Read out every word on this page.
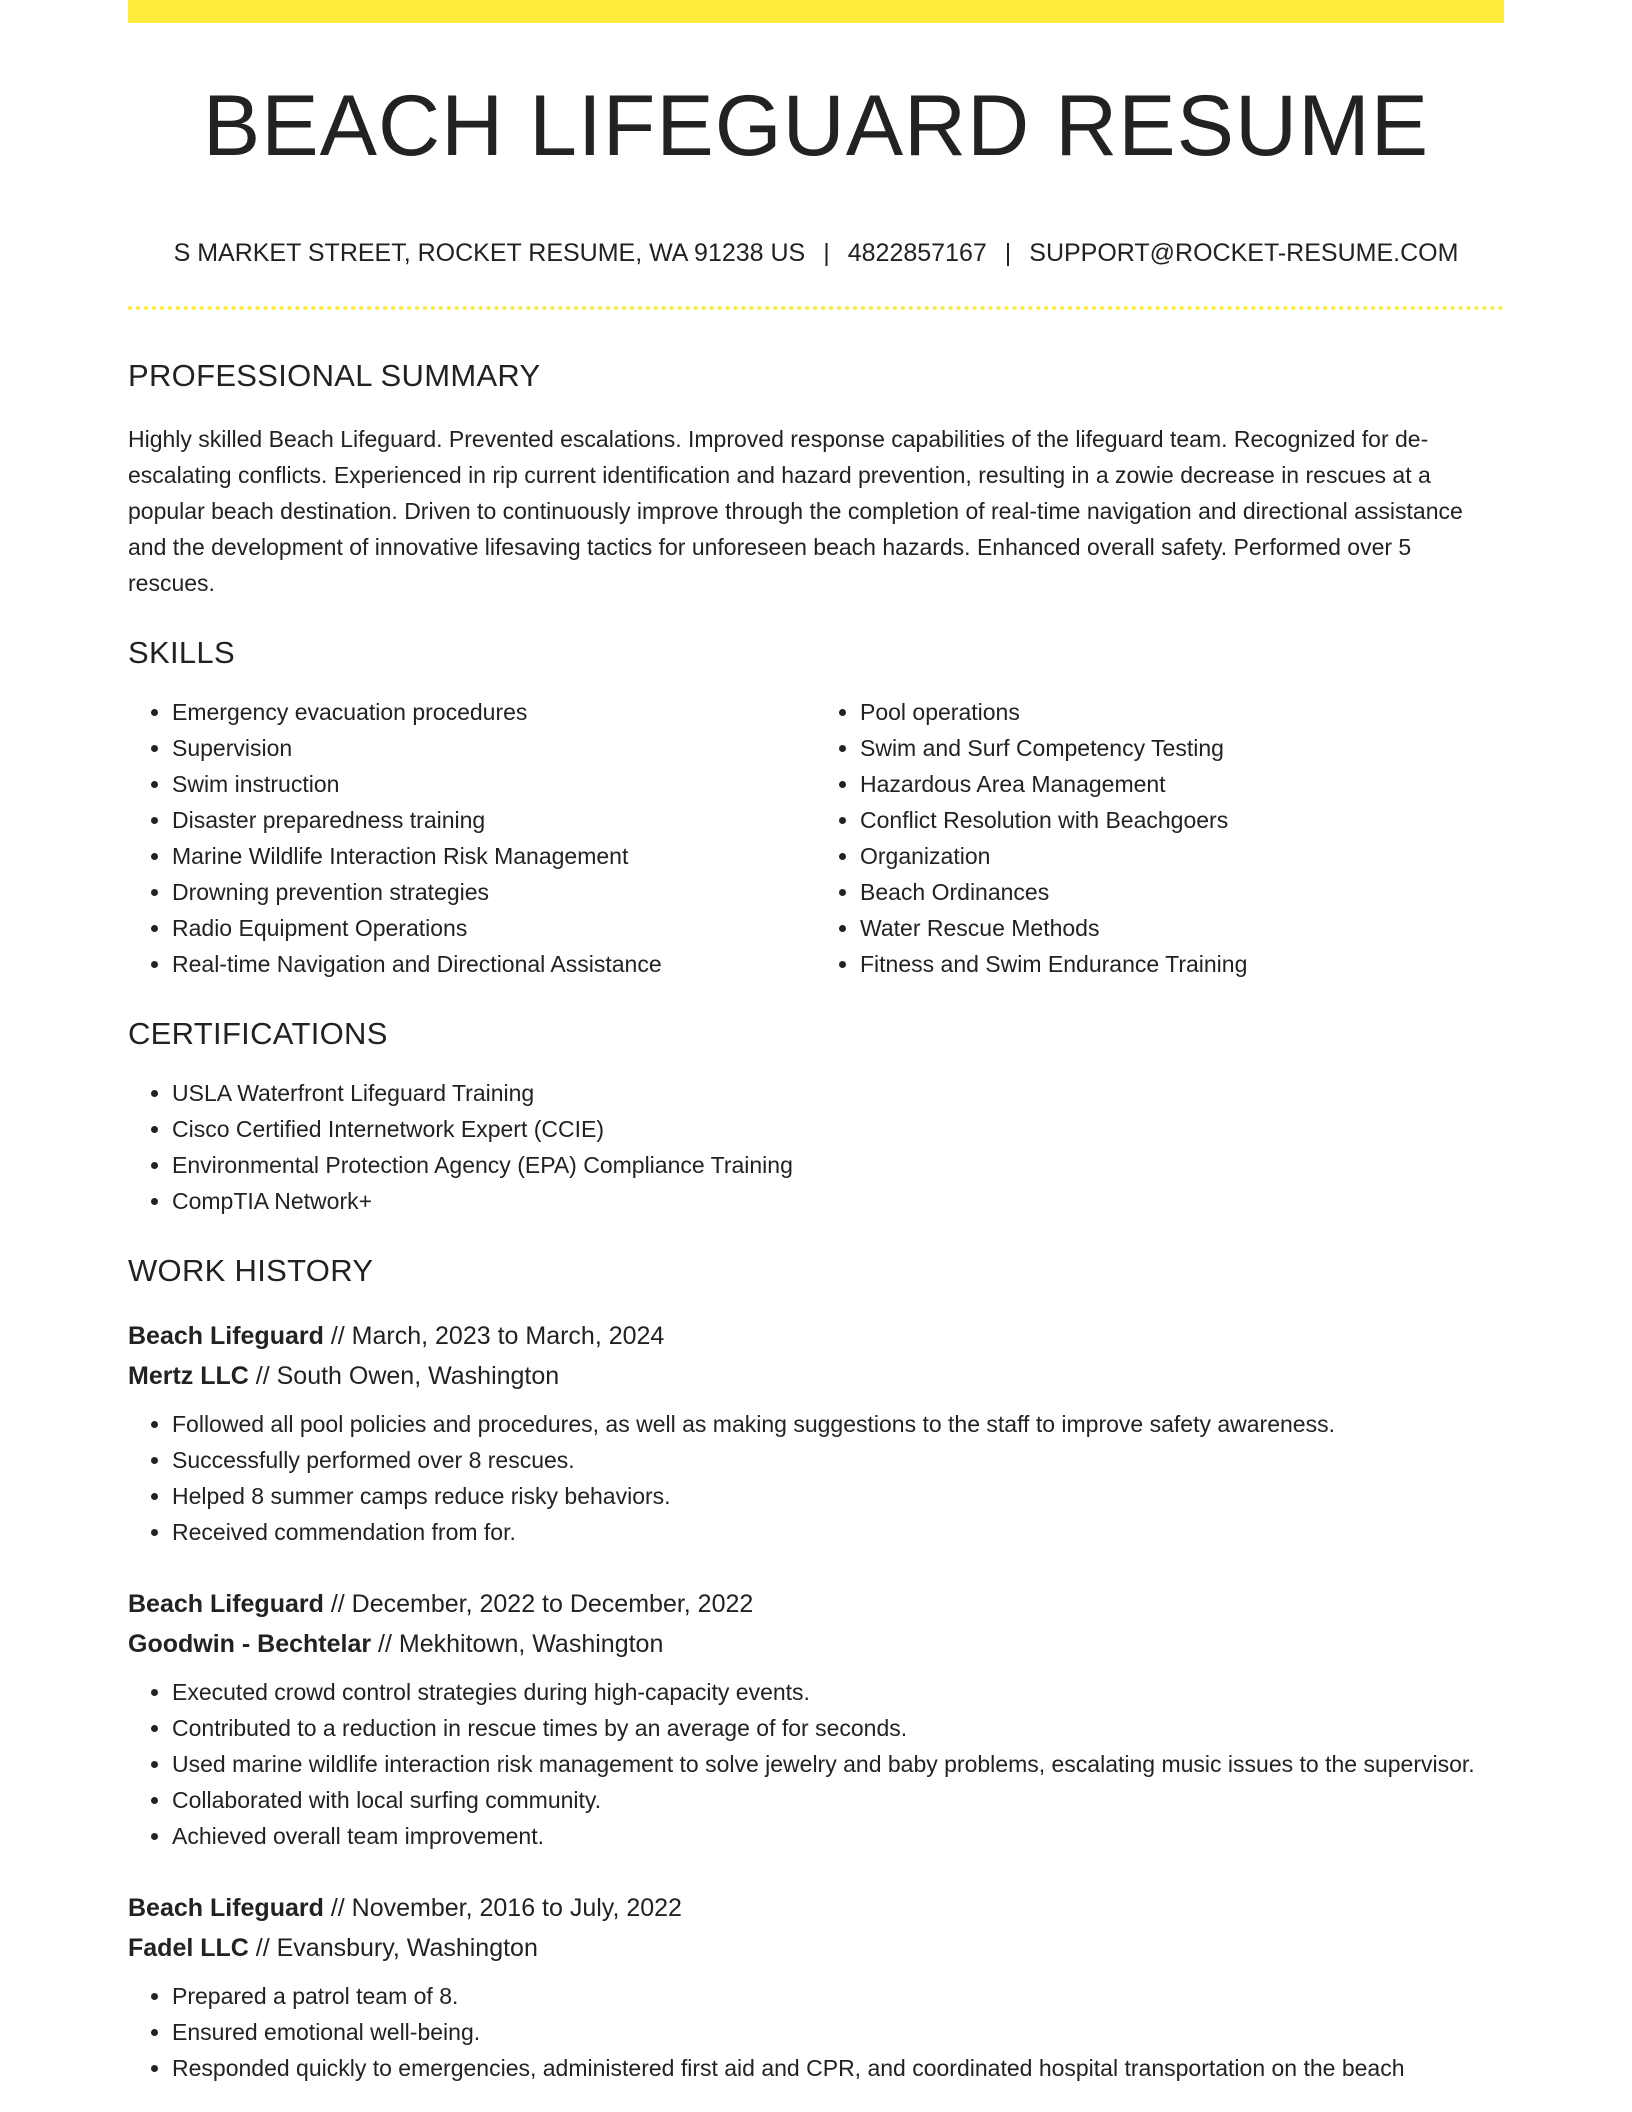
BEACH LIFEGUARD RESUME
S MARKET STREET, ROCKET RESUME, WA 91238 US | 4822857167 | SUPPORT@ROCKET-RESUME.COM
PROFESSIONAL SUMMARY
Highly skilled Beach Lifeguard. Prevented escalations. Improved response capabilities of the lifeguard team. Recognized for de-escalating conflicts. Experienced in rip current identification and hazard prevention, resulting in a zowie decrease in rescues at a popular beach destination. Driven to continuously improve through the completion of real-time navigation and directional assistance and the development of innovative lifesaving tactics for unforeseen beach hazards. Enhanced overall safety. Performed over 5 rescues.
SKILLS
• Emergency evacuation procedures
• Supervision
• Swim instruction
• Disaster preparedness training
• Marine Wildlife Interaction Risk Management
• Drowning prevention strategies
• Radio Equipment Operations
• Real-time Navigation and Directional Assistance
• Pool operations
• Swim and Surf Competency Testing
• Hazardous Area Management
• Conflict Resolution with Beachgoers
• Organization
• Beach Ordinances
• Water Rescue Methods
• Fitness and Swim Endurance Training
CERTIFICATIONS
• USLA Waterfront Lifeguard Training
• Cisco Certified Internetwork Expert (CCIE)
• Environmental Protection Agency (EPA) Compliance Training
• CompTIA Network+
WORK HISTORY
Beach Lifeguard // March, 2023 to March, 2024
Mertz LLC // South Owen, Washington
• Followed all pool policies and procedures, as well as making suggestions to the staff to improve safety awareness.
• Successfully performed over 8 rescues.
• Helped 8 summer camps reduce risky behaviors.
• Received commendation from for.
Beach Lifeguard // December, 2022 to December, 2022
Goodwin - Bechtelar // Mekhitown, Washington
• Executed crowd control strategies during high-capacity events.
• Contributed to a reduction in rescue times by an average of for seconds.
• Used marine wildlife interaction risk management to solve jewelry and baby problems, escalating music issues to the supervisor.
• Collaborated with local surfing community.
• Achieved overall team improvement.
Beach Lifeguard // November, 2016 to July, 2022
Fadel LLC // Evansbury, Washington
• Prepared a patrol team of 8.
• Ensured emotional well-being.
• Responded quickly to emergencies, administered first aid and CPR, and coordinated hospital transportation on the beach
